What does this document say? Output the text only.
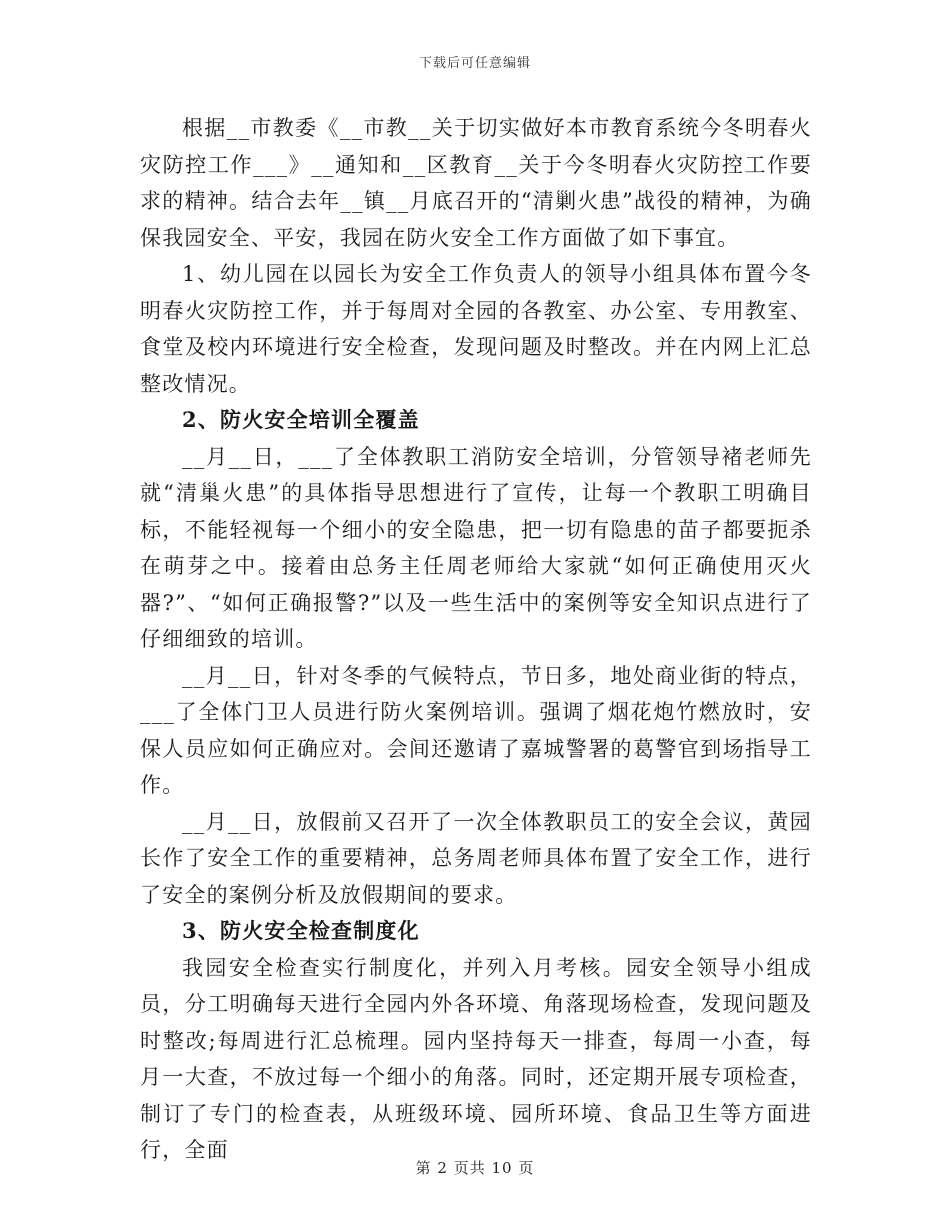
下载后可任意编辑

根据__市教委《__市教__关于切实做好本市教育系统今冬明春火灾防控工作___》__通知和__区教育__关于今冬明春火灾防控工作要求的精神。结合去年__镇__月底召开的“清剿火患”战役的精神，为确保我园安全、平安，我园在防火安全工作方面做了如下事宜。

1、幼儿园在以园长为安全工作负责人的领导小组具体布置今冬明春火灾防控工作，并于每周对全园的各教室、办公室、专用教室、食堂及校内环境进行安全检查，发现问题及时整改。并在内网上汇总整改情况。

2、防火安全培训全覆盖

__月__日，___了全体教职工消防安全培训，分管领导褚老师先就“清巢火患”的具体指导思想进行了宣传，让每一个教职工明确目标，不能轻视每一个细小的安全隐患，把一切有隐患的苗子都要扼杀在萌芽之中。接着由总务主任周老师给大家就“如何正确使用灭火器?”、“如何正确报警?”以及一些生活中的案例等安全知识点进行了仔细细致的培训。

__月__日，针对冬季的气候特点，节日多，地处商业街的特点，___了全体门卫人员进行防火案例培训。强调了烟花炮竹燃放时，安保人员应如何正确应对。会间还邀请了嘉城警署的葛警官到场指导工作。

__月__日，放假前又召开了一次全体教职员工的安全会议，黄园长作了安全工作的重要精神，总务周老师具体布置了安全工作，进行了安全的案例分析及放假期间的要求。

3、防火安全检查制度化

我园安全检查实行制度化，并列入月考核。园安全领导小组成员，分工明确每天进行全园内外各环境、角落现场检查，发现问题及时整改;每周进行汇总梳理。园内坚持每天一排查，每周一小查，每月一大查，不放过每一个细小的角落。同时，还定期开展专项检查，制订了专门的检查表，从班级环境、园所环境、食品卫生等方面进行，全面

第 2 页共 10 页
